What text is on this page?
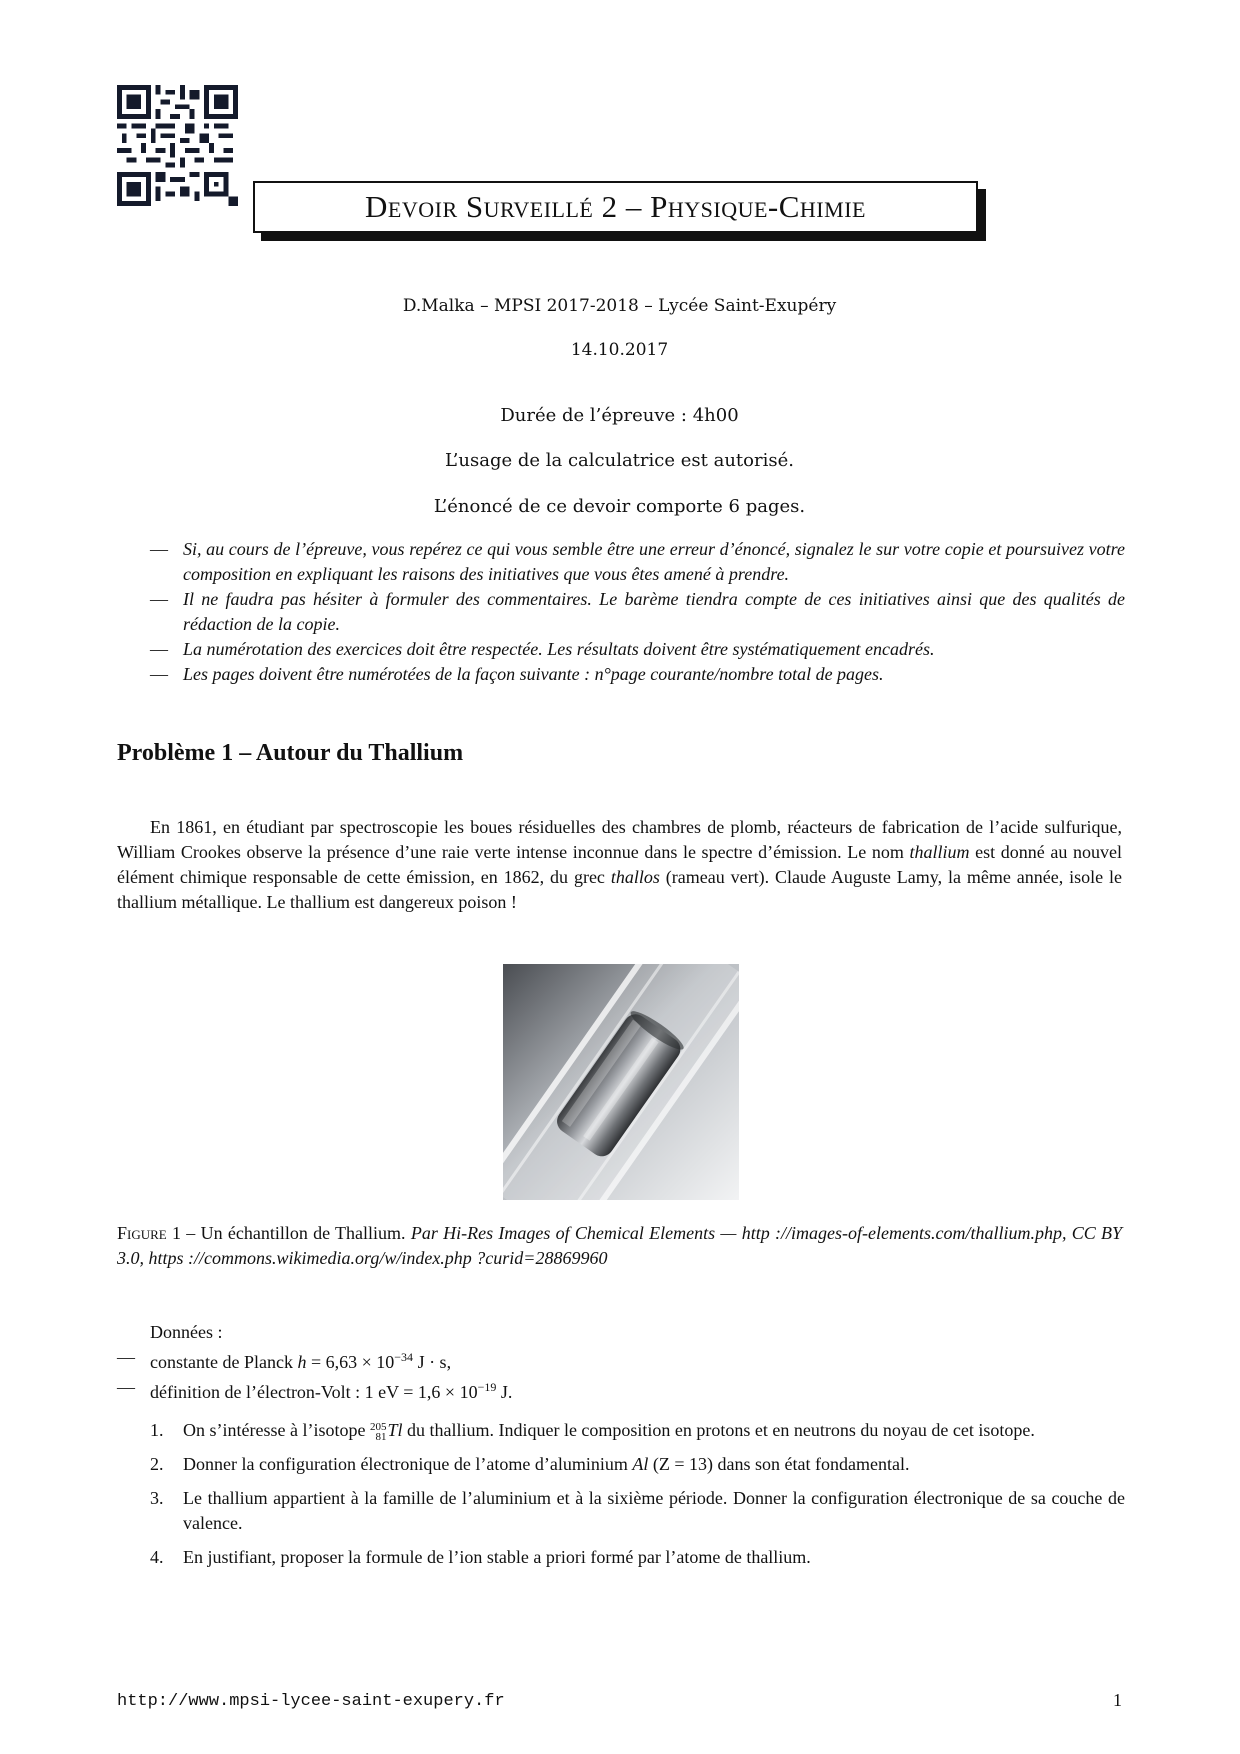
Devoir Surveillé 2 – Physique-Chimie
D.Malka – MPSI 2017-2018 – Lycée Saint-Exupéry
14.10.2017
Durée de l’épreuve : 4h00
L’usage de la calculatrice est autorisé.
L’énoncé de ce devoir comporte 6 pages.
— Si, au cours de l’épreuve, vous repérez ce qui vous semble être une erreur d’énoncé, signalez le sur votre copie et poursuivez votre composition en expliquant les raisons des initiatives que vous êtes amené à prendre.
— Il ne faudra pas hésiter à formuler des commentaires. Le barème tiendra compte de ces initiatives ainsi que des qualités de rédaction de la copie.
— La numérotation des exercices doit être respectée. Les résultats doivent être systématiquement encadrés.
— Les pages doivent être numérotées de la façon suivante : n°page courante/nombre total de pages.
Problème 1 – Autour du Thallium

En 1861, en étudiant par spectroscopie les boues résiduelles des chambres de plomb, réacteurs de fabrication de l’acide sulfurique, William Crookes observe la présence d’une raie verte intense inconnue dans le spectre d’émission. Le nom thallium est donné au nouvel élément chimique responsable de cette émission, en 1862, du grec thallos (rameau vert). Claude Auguste Lamy, la même année, isole le thallium métallique. Le thallium est dangereux poison !

Figure 1 – Un échantillon de Thallium. Par Hi-Res Images of Chemical Elements — http ://images-of-elements.com/thallium.php, CC BY 3.0, https ://commons.wikimedia.org/w/index.php ?curid=28869960

Données :
— constante de Planck $h = 6,63 \times 10^{-34}$ J · s,
— définition de l’électron-Volt : 1 eV = $1,6 \times 10^{-19}$ J.
1. On s’intéresse à l’isotope 205
81 Tl du thallium. Indiquer le composition en protons et en neutrons du noyau de cet isotope.
2. Donner la configuration électronique de l’atome d’aluminium Al (Z = 13) dans son état fondamental.
3. Le thallium appartient à la famille de l’aluminium et à la sixième période. Donner la configuration électronique de sa couche de valence.
4. En justifiant, proposer la formule de l’ion stable a priori formé par l’atome de thallium.
http://www.mpsi-lycee-saint-exupery.fr	1
